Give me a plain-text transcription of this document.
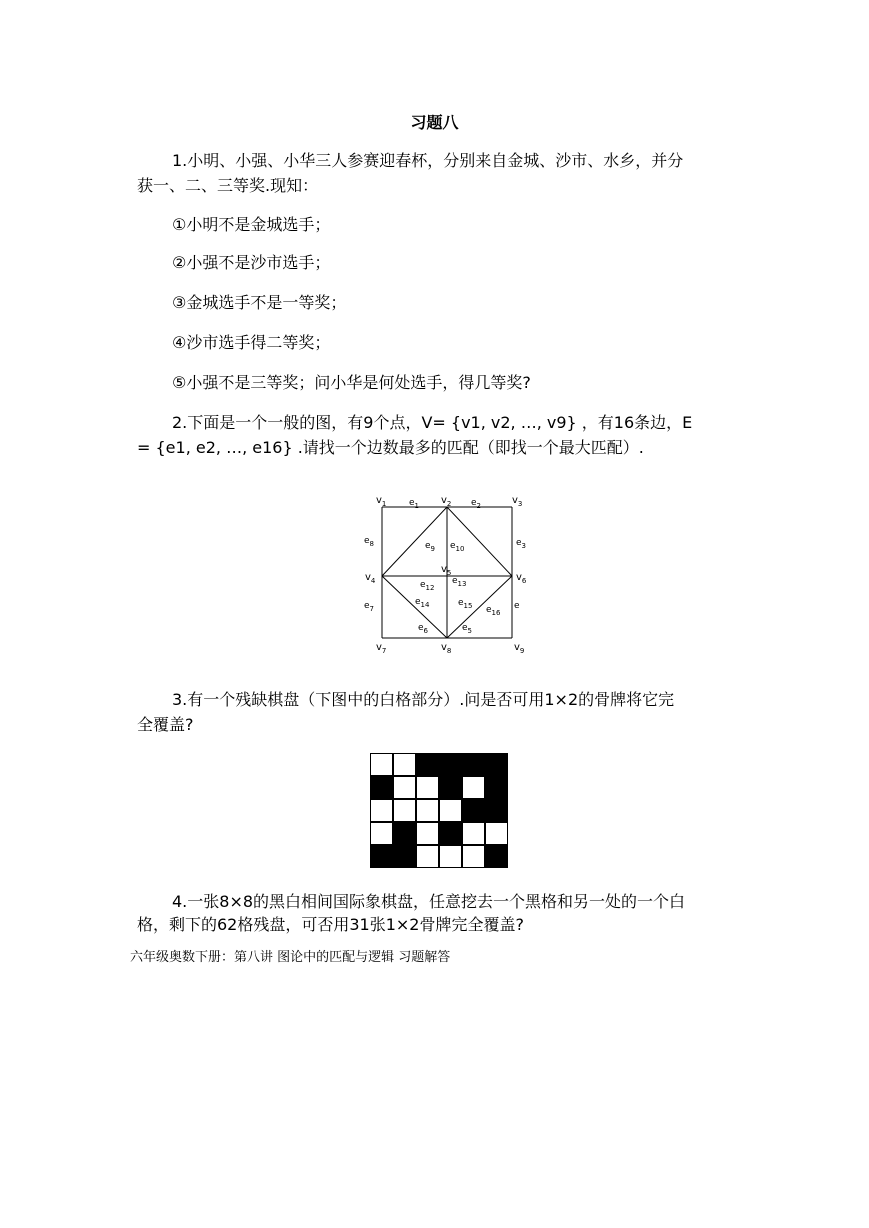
习题八
1.小明、小强、小华三人参赛迎春杯，分别来自金城、沙市、水乡，并分
获一、二、三等奖.现知：
①小明不是金城选手；
②小强不是沙市选手；
③金城选手不是一等奖；
④沙市选手得二等奖；
⑤小强不是三等奖；问小华是何处选手，得几等奖?
2.下面是一个一般的图，有9个点，V= {v1, v2, …, v9} ，有16条边，E
= {e1, e2, …, e16} .请找一个边数最多的匹配（即找一个最大匹配）.
$v_1$	$v_2$	$v_3$
$v_4$
$v_5$	$v_6$
$v_7$	$v_8$	$v_9$
$e_1$	$e_2$
$e_3$
e
$e_5$
$e_6$
$e_7$
$e_8$	$e_9$ $e_{10}$
$e_{12}$
$e_{13}$
$e_{14}$	$e_{15}$ $e_{16}$
3.有一个残缺棋盘（下图中的白格部分）.问是否可用1×2的骨牌将它完
全覆盖?
4.一张8×8的黑白相间国际象棋盘，任意挖去一个黑格和另一处的一个白
格，剩下的62格残盘，可否用31张1×2骨牌完全覆盖?
六年级奥数下册：第八讲 图论中的匹配与逻辑 习题解答
